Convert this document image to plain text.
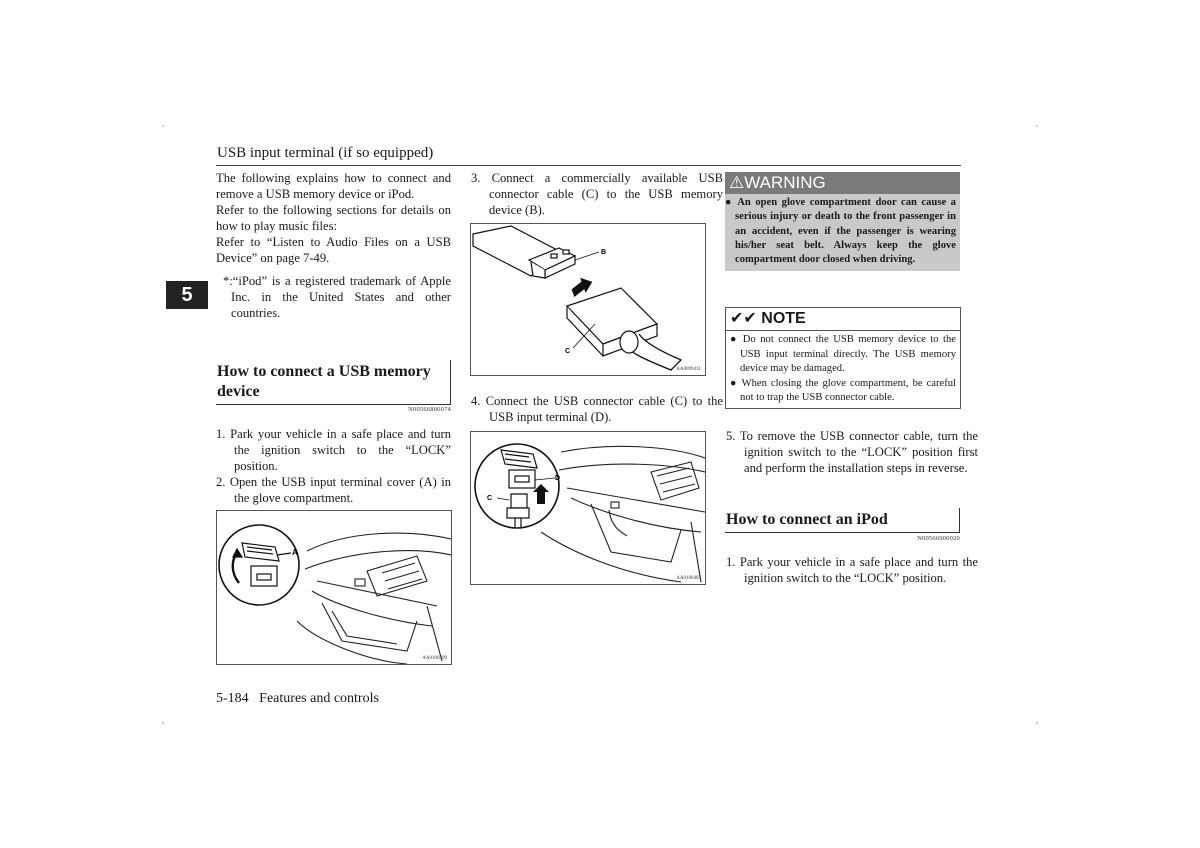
USB input terminal (if so equipped)
5
The following explains how to connect and remove a USB memory device or iPod.
Refer to the following sections for details on how to play music files:
Refer to “Listen to Audio Files on a USB Device” on page 7-49.
*:“iPod” is a registered trademark of Apple Inc. in the United States and other countries.
How to connect a USB memory device
N00566800074
1. Park your vehicle in a safe place and turn the ignition switch to the “LOCK” position.
2. Open the USB input terminal cover (A) in the glove compartment.
A
AA0100399
3. Connect a commercially available USB connector cable (C) to the USB memory device (B).
B
C
AA0099431
4. Connect the USB connector cable (C) to the USB input terminal (D).
D
C
AA0100403
⚠WARNING
● An open glove compartment door can cause a serious injury or death to the front passenger in an accident, even if the passenger is wearing his/her seat belt. Always keep the glove compartment door closed when driving.
✔✔ NOTE
● Do not connect the USB memory device to the USB input terminal directly. The USB memory device may be damaged.
● When closing the glove compartment, be careful not to trap the USB connector cable.
5. To remove the USB connector cable, turn the ignition switch to the “LOCK” position first and perform the installation steps in reverse.
How to connect an iPod
N00566900020
1. Park your vehicle in a safe place and turn the ignition switch to the “LOCK” position.
5-184 Features and controls
